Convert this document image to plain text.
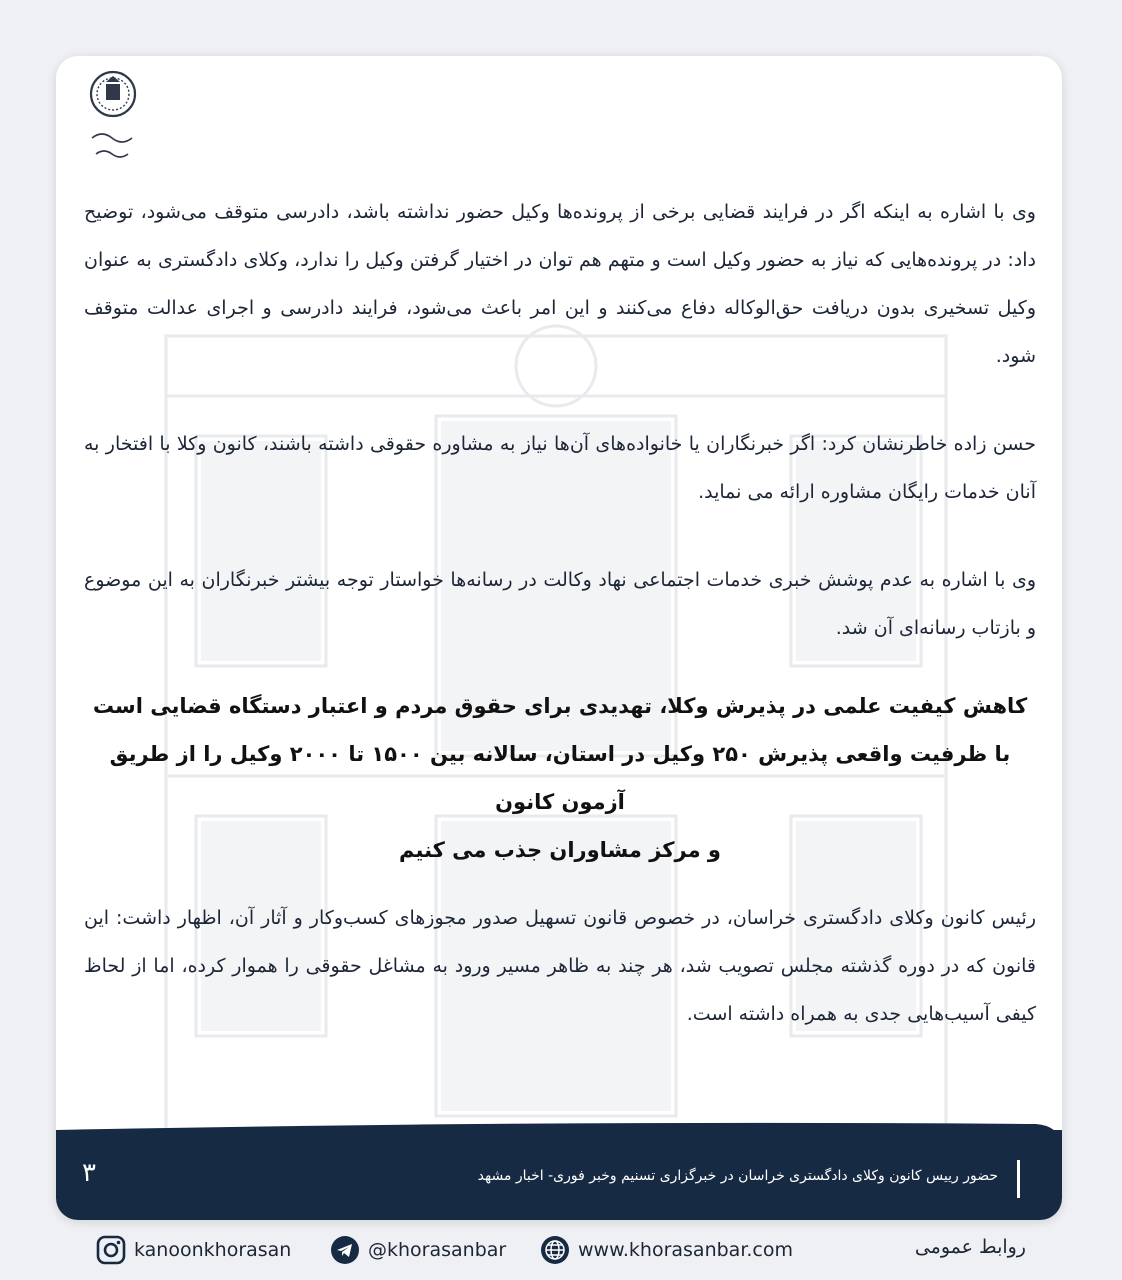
وی با اشاره به اینکه اگر در فرایند قضایی برخی از پرونده‌ها وکیل حضور نداشته باشد، دادرسی متوقف می‌شود، توضیح داد: در پرونده‌هایی که نیاز به حضور وکیل است و متهم هم توان در اختیار گرفتن وکیل را ندارد، وکلای دادگستری به عنوان وکیل تسخیری بدون دریافت حق‌الوکاله دفاع می‌کنند و این امر باعث می‌شود، فرایند دادرسی و اجرای عدالت متوقف شود.

حسن زاده خاطرنشان کرد: اگر خبرنگاران یا خانواده‌های آن‌ها نیاز به مشاوره حقوقی داشته باشند، کانون وکلا با افتخار به آنان خدمات رایگان مشاوره ارائه می نماید.

وی با اشاره به عدم پوشش خبری خدمات اجتماعی نهاد وکالت در رسانه‌ها خواستار توجه بیشتر خبرنگاران به این موضوع و بازتاب رسانه‌ای آن شد.

کاهش کیفیت علمی در پذیرش وکلا، تهدیدی برای حقوق مردم و اعتبار دستگاه قضایی است
با ظرفیت واقعی پذیرش ۲۵۰ وکیل در استان، سالانه بین ۱۵۰۰ تا ۲۰۰۰ وکیل را از طریق آزمون کانون
و مرکز مشاوران جذب می کنیم

رئیس کانون وکلای دادگستری خراسان، در خصوص قانون تسهیل صدور مجوزهای کسب‌وکار و آثار آن، اظهار داشت: این قانون که در دوره گذشته مجلس تصویب شد، هر چند به ظاهر مسیر ورود به مشاغل حقوقی را هموار کرده، اما از لحاظ کیفی آسیب‌هایی جدی به همراه داشته است.

حضور رییس کانون وکلای دادگستری خراسان در خبرگزاری تسنیم وخبر فوری- اخبار مشهد
۳
kanoonkhorasan	@khorasanbar	www.khorasanbar.com	روابط عمومی
